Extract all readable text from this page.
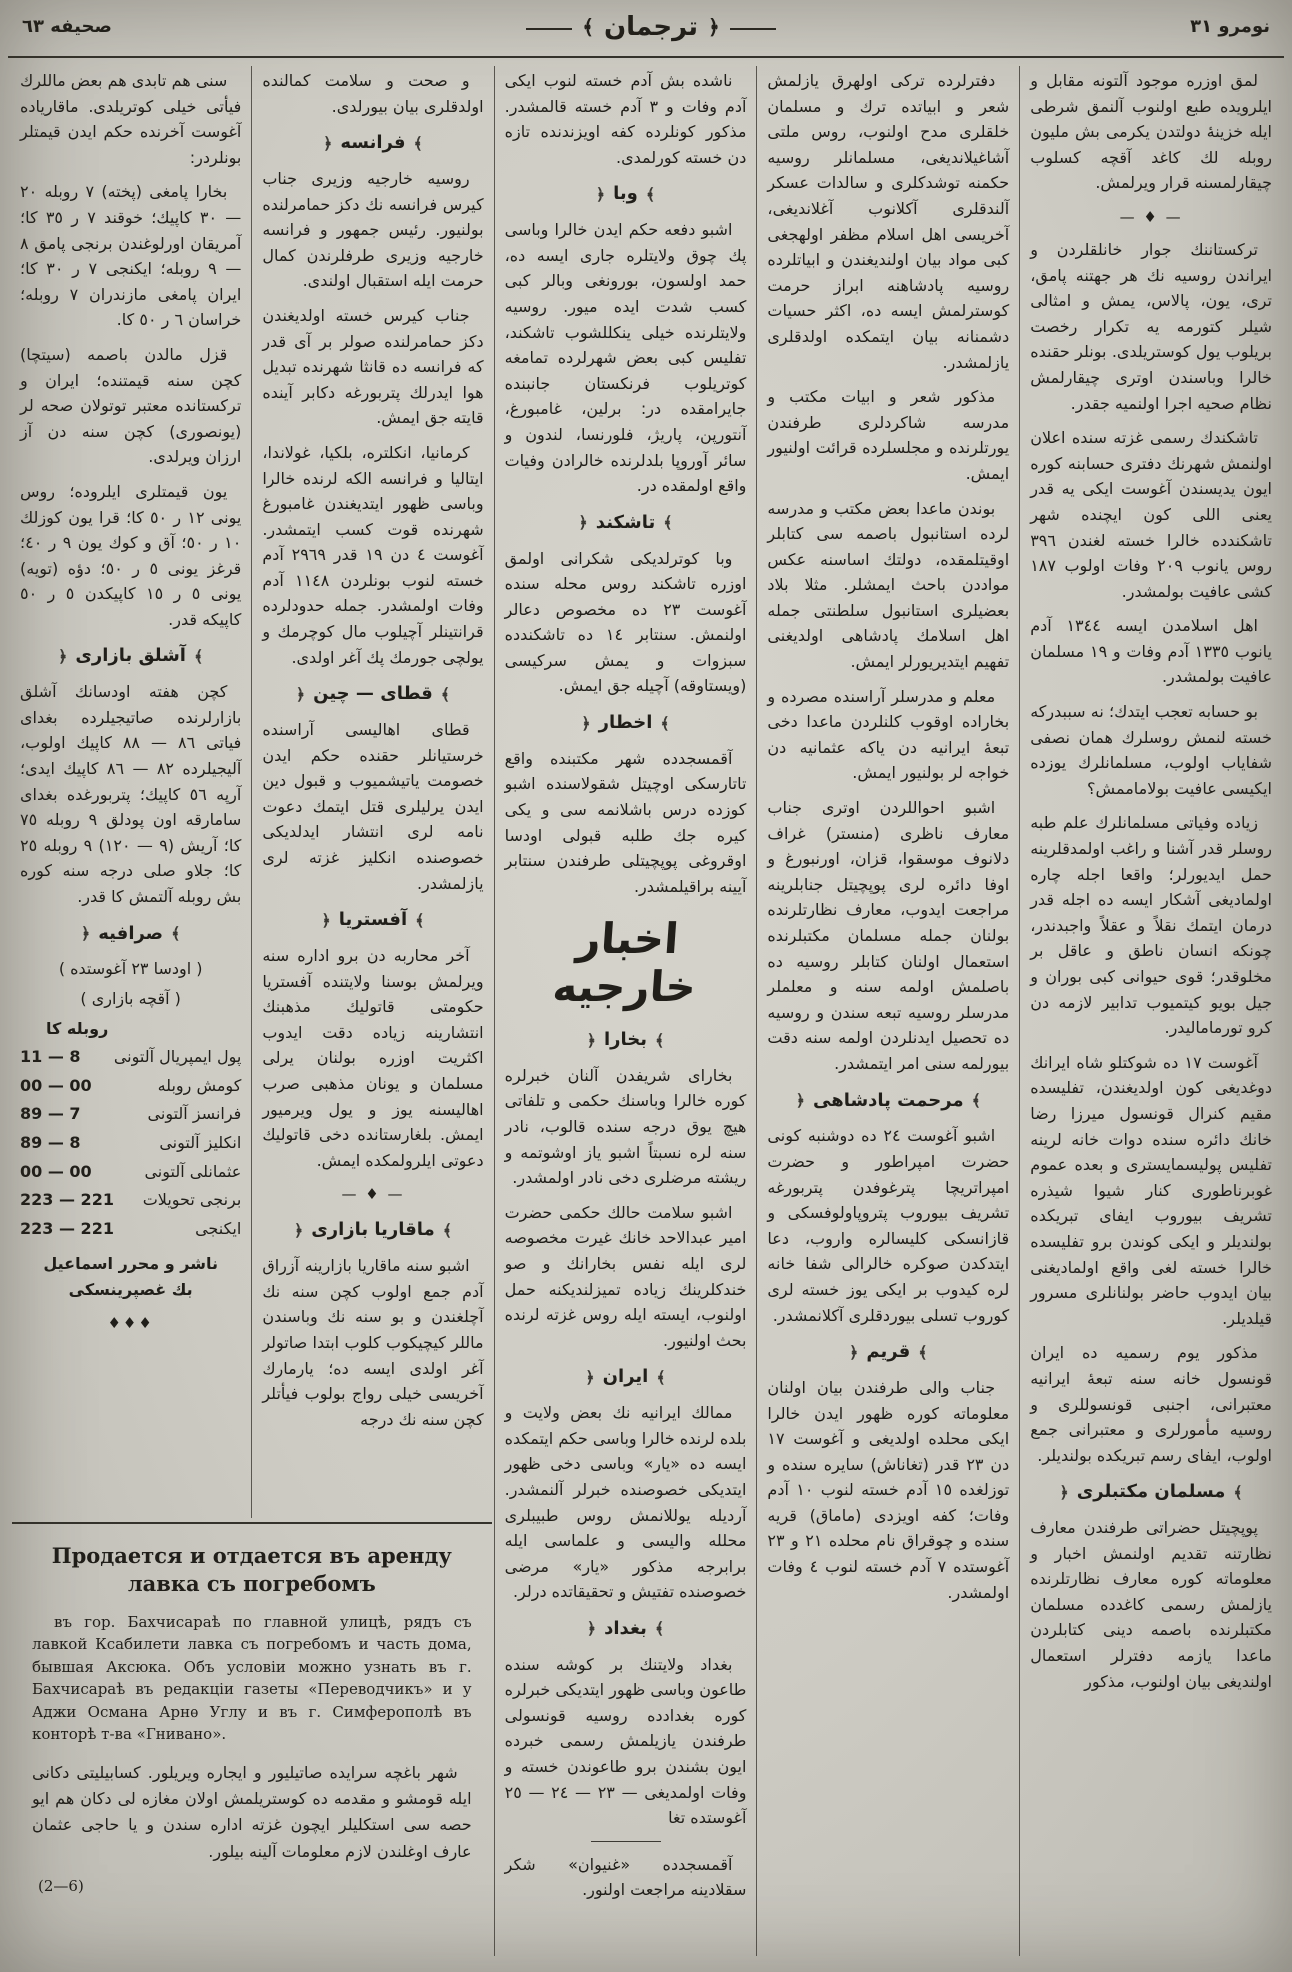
صحيفه ٦٣	﴾ ترجمان ﴿	نومرو ٣١

لمق اوزره موجود آلتونه مقابل و ايلرويده طبع اولنوب آلنمق شرطى ايله خزينهٔ دولتدن يكرمى بش مليون روبله لك كاغد آقچه كسلوب چيقارلمسنه قرار ويرلمش.

— ♦ —

تركستاننك جوار خانلقلردن و ايراندن روسيه نك هر جهتنه پامق، ترى، يون، پالاس، يمش و امثالى شيلر كتورمه يه تكرار رخصت بريلوب يول كوستريلدى. بونلر حقنده خالرا وباسندن اوترى چيقارلمش نظام صحيه اجرا اولنميه جقدر.

تاشكندك رسمى غزته سنده اعلان اولنمش شهرنك دفترى حسابنه كوره ايون يديسندن آغوست ايكى يه قدر يعنى اللى كون ايچنده شهر تاشكندده خالرا خسته لغندن ٣٩٦ روس يانوب ٢٠٩ وفات اولوب ١٨٧ كشى عافيت بولمشدر.

اهل اسلامدن ايسه ١٣٤٤ آدم يانوب ١٣٣٥ آدم وفات و ١٩ مسلمان عافيت بولمشدر.

بو حسابه تعجب ايتدك؛ نه سببدركه خسته لنمش روسلرك همان نصفى شفاياب اولوب، مسلمانلرك يوزده ايكيسى عافيت بولاماممش؟

زياده وفياتى مسلمانلرك علم طبه روسلر قدر آشنا و راغب اولمدقلرينه حمل ايديورلر؛ واقعا اجله چاره اولماديغى آشكار ايسه ده اجله قدر درمان ايتمك نقلاً و عقلاً واجبدندر، چونكه انسان ناطق و عاقل بر مخلوقدر؛ قوى حيوانى كبى بوران و جيل بويو كيتميوب تدابير لازمه دن كرو تورماماليدر.

آغوست ١٧ ده شوكتلو شاه ايرانك دوغديغى كون اولديغندن، تفليسده مقيم كنرال قونسول ميرزا رضا خانك دائره سنده دوات خانه لرينه تفليس پوليسمايسترى و بعده عموم غوبرناطورى كنار شيوا شيذره تشريف بيوروب ايفاى تبريكده بولنديلر و ايكى كوندن برو تفليسده خالرا خسته لغى واقع اولماديغنى بيان ايدوب حاضر بولنانلرى مسرور قيلديلر.

مذكور يوم رسميه ده ايران قونسول خانه سنه تبعهٔ ايرانيه معتبرانى، اجنبى قونسوللرى و روسيه مأمورلرى و معتبرانى جمع اولوب، ايفاى رسم تبريكده بولنديلر.

﴾
مسلمان مكتبلرى
﴿

پوپچيتل حضراتى طرفندن معارف نظارتنه تقديم اولنمش اخبار و معلوماته كوره معارف نظارتلرنده يازلمش رسمى كاغدده مسلمان مكتبلرنده باصمه دينى كتابلردن ماعدا يازمه دفترلر استعمال اولنديغى بيان اولنوب، مذكور

دفترلرده تركى اولهرق يازلمش شعر و ابياتده ترك و مسلمان خلقلرى مدح اولنوب، روس ملتى آشاغيلانديغى، مسلمانلر روسيه حكمنه توشدكلرى و سالدات عسكر آلندقلرى آكلانوب آغلانديغى، آخريسى اهل اسلام مظفر اولهجغى كبى مواد بيان اولنديغندن و ابياتلرده روسيه پادشاهنه ابراز حرمت كوسترلمش ايسه ده، اكثر حسيات دشمنانه بيان ايتمكده اولدقلرى يازلمشدر.

مذكور شعر و ابيات مكتب و مدرسه شاكردلرى طرفندن يورتلرنده و مجلسلرده قرائت اولنيور ايمش.

بوندن ماعدا بعض مكتب و مدرسه لرده استانبول باصمه سى كتابلر اوقيتلمقده، دولتك اساسنه عكس مواددن باحث ايمشلر. مثلا بلاد بعضيلرى استانبول سلطنتى جمله اهل اسلامك پادشاهى اولديغنى تفهيم ايتديريورلر ايمش.

معلم و مدرسلر آراسنده مصرده و بخاراده اوقوب كلنلردن ماعدا دخى تبعهٔ ايرانيه دن ياكه عثمانيه دن خواجه لر بولنيور ايمش.

اشبو احواللردن اوترى جناب معارف ناظرى (منستر) غراف دلانوف موسقوا، قزان، اورنبورغ و اوفا دائره لرى پوپچيتل جنابلرينه مراجعت ايدوب، معارف نظارتلرنده بولنان جمله مسلمان مكتبلرنده استعمال اولنان كتابلر روسيه ده باصلمش اولمه سنه و معلملر مدرسلر روسيه تبعه سندن و روسيه ده تحصيل ايدنلردن اولمه سنه دقت بيورلمه سنى امر ايتمشدر.

﴾
مرحمت پادشاهى
﴿

اشبو آغوست ٢٤ ده دوشنبه كونى حضرت امپراطور و حضرت امپراتريچا پترغوفدن پتربورغه تشريف بيوروب پتروپاولوفسكى و قازانسكى كليسالره واروب، دعا ايتدكدن صوكره خالرالى شفا خانه لره كيدوب بر ايكى يوز خسته لرى كوروب تسلى بيوردقلرى آكلانمشدر.

﴾
قريم
﴿

جناب والى طرفندن بيان اولنان معلوماته كوره ظهور ايدن خالرا ايكى محلده اولديغى و آغوست ١٧ دن ٢٣ قدر (تغاناش) سايره سنده و توزلغده ١٥ آدم خسته لنوب ١٠ آدم وفات؛ كفه اويزدى (ماماق) قريه سنده و چوقراق نام محلده ٢١ و ٢٣ آغوستده ٧ آدم خسته لنوب ٤ وفات اولمشدر.

ناشده بش آدم خسته لنوب ايكى آدم وفات و ٣ آدم خسته قالمشدر. مذكور كونلرده كفه اويزندنده تازه دن خسته كورلمدى.

﴾
وبا
﴿

اشبو دفعه حكم ايدن خالرا وباسى پك چوق ولايتلره جارى ايسه ده، حمد اولسون، بورونغى وبالر كبى كسب شدت ايده ميور. روسيه ولايتلرنده خيلى ينكللشوب تاشكند، تفليس كبى بعض شهرلرده تمامغه كوتريلوب فرنكستان جانبنده جايرامقده در: برلين، غامبورغ، آنتورپن، پاريژ، فلورنسا، لندون و سائر آوروپا بلدلرنده خالرادن وفيات واقع اولمقده در.

﴾
تاشكند
﴿

وبا كوترلديكى شكرانى اولمق اوزره تاشكند روس محله سنده آغوست ٢٣ ده مخصوص دعالر اولنمش. سنتابر ١٤ ده تاشكندده سبزوات و يمش سركيسى (ويستاوقه) آچيله جق ايمش.

﴾
اخطار
﴿

آقمسجدده شهر مكتبنده واقع تاتارسكى اوچيتل شقولاسنده اشبو كوزده درس باشلانمه سى و يكى كيره جك طلبه قبولى اودسا اوقروغى پوپچيتلى طرفندن سنتابر آيينه براقيلمشدر.

اخبار خارجيه
﴾
بخارا
﴿

بخاراى شريفدن آلنان خبرلره كوره خالرا وباسنك حكمى و تلفاتى هيچ يوق درجه سنده قالوب، نادر سنه لره نسبتاً اشبو ياز اوشوتمه و ريشته مرضلرى دخى نادر اولمشدر.

اشبو سلامت حالك حكمى حضرت امير عبدالاحد خانك غيرت مخصوصه لرى ايله نفس بخارانك و صو خندكلرينك زياده تميزلنديكنه حمل اولنوب، ايسته ايله روس غزته لرنده بحث اولنيور.

﴾
ايران
﴿

ممالك ايرانيه نك بعض ولايت و بلده لرنده خالرا وباسى حكم ايتمكده ايسه ده «يار» وباسى دخى ظهور ايتديكى خصوصنده خبرلر آلنمشدر. آرديله يوللانمش روس طبيبلرى محلله واليسى و علماسى ايله برابرجه مذكور «يار» مرضى خصوصنده تفتيش و تحقيقاتده درلر.

﴾
بغداد
﴿

بغداد ولايتنك بر كوشه سنده طاعون وباسى ظهور ايتديكى خبرلره كوره بغدادده روسيه قونسولى طرفندن يازيلمش رسمى خبرده ايون بشندن برو طاعوندن خسته و وفات اولمديغى — ٢٣ — ٢٤ — ٢٥ آغوستده تغا

آقمسجدده «غنيوان» شكر سقلادينه مراجعت اولنور.

و صحت و سلامت كمالنده اولدقلرى بيان بيورلدى.

﴾
فرانسه
﴿

روسيه خارجيه وزيرى جناب كيرس فرانسه نك دكز حمامرلنده بولنيور. رئيس جمهور و فرانسه خارجيه وزيرى طرفلرندن كمال حرمت ايله استقبال اولندى.

جناب كيرس خسته اولديغندن دكز حمامرلنده صولر بر آى قدر كه فرانسه ده قانثا شهرنده تبديل هوا ايدرلك پتربورغه دكابر آينده قايته جق ايمش.

كرمانيا، انكلتره، بلكيا، غولاندا، ايتاليا و فرانسه الكه لرنده خالرا وباسى ظهور ايتديغندن غامبورغ شهرنده قوت كسب ايتمشدر. آغوست ٤ دن ١٩ قدر ٢٩٦٩ آدم خسته لنوب بونلردن ١١٤٨ آدم وفات اولمشدر. جمله حدودلرده قرانتينلر آچيلوب مال كوچرمك و يولچى جورمك پك آغر اولدى.

﴾
قطاى — چين
﴿

قطاى اهاليسى آراسنده خرستيانلر حقنده حكم ايدن خصومت ياتيشميوب و قبول دين ايدن يرليلرى قتل ايتمك دعوت نامه لرى انتشار ايدلديكى خصوصنده انكليز غزته لرى يازلمشدر.

﴾
آفستريا
﴿

آخر محاربه دن برو اداره سنه ويرلمش بوسنا ولايتنده آفستريا حكومتى قاتوليك مذهبنك انتشارينه زياده دقت ايدوب اكثريت اوزره بولنان يرلى مسلمان و يونان مذهبى صرب اهاليسنه يوز و يول ويرميور ايمش. بلغارستانده دخى قاتوليك دعوتى ايلرولمكده ايمش.

— ♦ —
﴾
ماقاريا بازارى
﴿

اشبو سنه ماقاريا بازارينه آزراق آدم جمع اولوب كچن سنه نك آچلغندن و بو سنه نك وباسندن ماللر كيچيكوب كلوب ابتدا صاتولر آغر اولدى ايسه ده؛ يارمارك آخريسى خيلى رواج بولوب فيأتلر كچن سنه نك درجه

سنى هم تابدى هم بعض ماللرك فيأتى خيلى كوتريلدى. ماقارياده آغوست آخرنده حكم ايدن قيمتلر بونلردر:

بخارا پامغى (پخته) ٧ روبله ٢٠ — ٣٠ كاپيك؛ خوقند ٧ ر ٣٥ كا؛ آمريقان اورلوغندن برنجى پامق ٨ — ٩ روبله؛ ايكنجى ٧ ر ٣٠ كا؛ ايران پامغى مازندران ٧ روبله؛ خراسان ٦ ر ٥٠ كا.

قزل مالدن باصمه (سيتچا) كچن سنه قيمتنده؛ ايران و تركستانده معتبر توتولان صحه لر (يونصورى) كچن سنه دن آز ارزان ويرلدى.

يون قيمتلرى ايلروده؛ روس يونى ١٢ ر ٥٠ كا؛ قرا يون كوزلك ١٠ ر ٥٠؛ آق و كوك يون ٩ ر ٤٠؛ قرغز يونى ٥ ر ٥٠؛ دؤه (تويه) يونى ٥ ر ١٥ كاپيكدن ٥ ر ٥٠ كاپيكه قدر.

﴾
آشلق بازارى
﴿

كچن هفته اودسانك آشلق بازارلرنده صاتيجيلرده بغداى فياتى ٨٦ — ٨٨ كاپيك اولوب، آليجيلرده ٨٢ — ٨٦ كاپيك ايدى؛ آرپه ٥٦ كاپيك؛ پتربورغده بغداى سامارقه اون پودلق ٩ روبله ٧٥ كا؛ آريش (٩ — ١٢٠) ٩ روبله ٢٥ كا؛ جلاو صلى درجه سنه كوره بش روبله آلتمش كا قدر.

﴾
صرافيه
﴿
( اودسا ٢٣ آغوستده )
( آقچه بازارى )
روبله كا
پول ايمپريال آلتونى
11 — 8
كومش روبله
00 — 00
فرانسز آلتونى
89 — 7
انكليز آلتونى
89 — 8
عثمانلى آلتونى
00 — 00
برنجى تحويلات
223 — 221
ايكنجى
223 — 221
ناشر و محرر اسماعيل بك غصپرينسكى
♦♦♦
Продается и отдается въ аренду лавка съ погребомъ

въ гор. Бахчисараѣ по главной улицѣ, рядъ съ лавкой Ксабилети лавка съ погребомъ и часть дома, бывшая Аксюка. Объ условіи можно узнать въ г. Бахчисараѣ въ редакціи газеты «Переводчикъ» и у Аджи Османа Арнѳ Углу и въ г. Симферополѣ въ конторѣ т-ва «Гнивано».

شهر باغچه سرايده صاتيليور و ايجاره ويريلور. كسابيليتى دكانى ايله قومشو و مقدمه ده كوستريلمش اولان مغازه لى دكان هم ايو حصه سى استكليلر ايچون غزته اداره سندن و يا حاجى عثمان عارف اوغلندن لازم معلومات آلينه بيلور.

(2—6)
